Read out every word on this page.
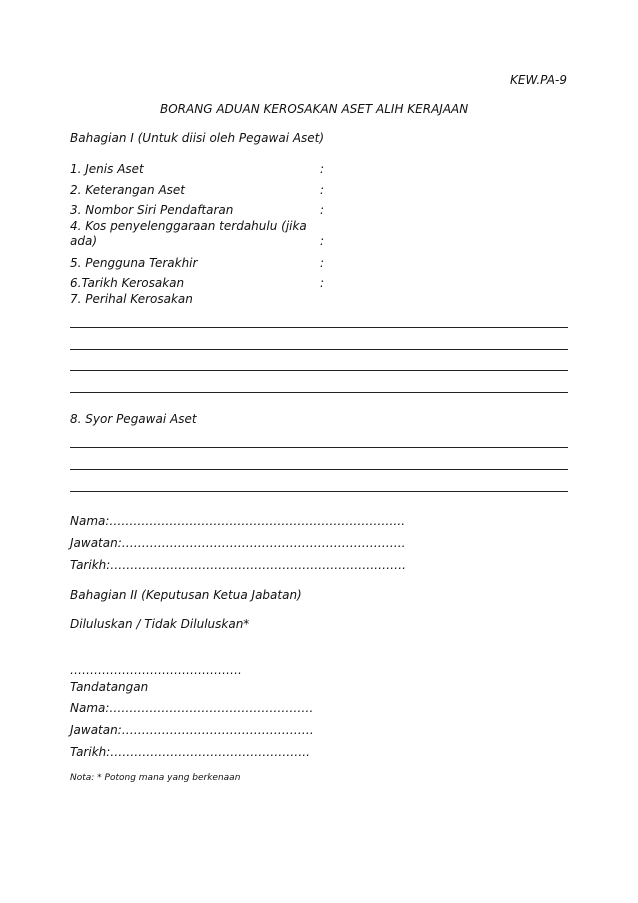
KEW.PA-9
BORANG ADUAN KEROSAKAN ASET ALIH KERAJAAN
Bahagian I (Untuk diisi oleh Pegawai Aset)
1. Jenis Aset	:
2. Keterangan Aset	:
3. Nombor Siri Pendaftaran	:
4. Kos penyelenggaraan terdahulu (jika
ada)	:
5. Pengguna Terakhir	:
6.Tarikh Kerosakan	:
7. Perihal Kerosakan
8. Syor Pegawai Aset
Nama:………………………………………………………………..
Jawatan:……………………………………………………………..
Tarikh:………………………………………………………….…….
Bahagian II (Keputusan Ketua Jabatan)
Diluluskan / Tidak Diluluskan*
…………………………………….
Tandatangan
Nama:……………………………………………
Jawatan:…………………………………………
Tarikh:…………………………………………..
Nota: * Potong mana yang berkenaan
